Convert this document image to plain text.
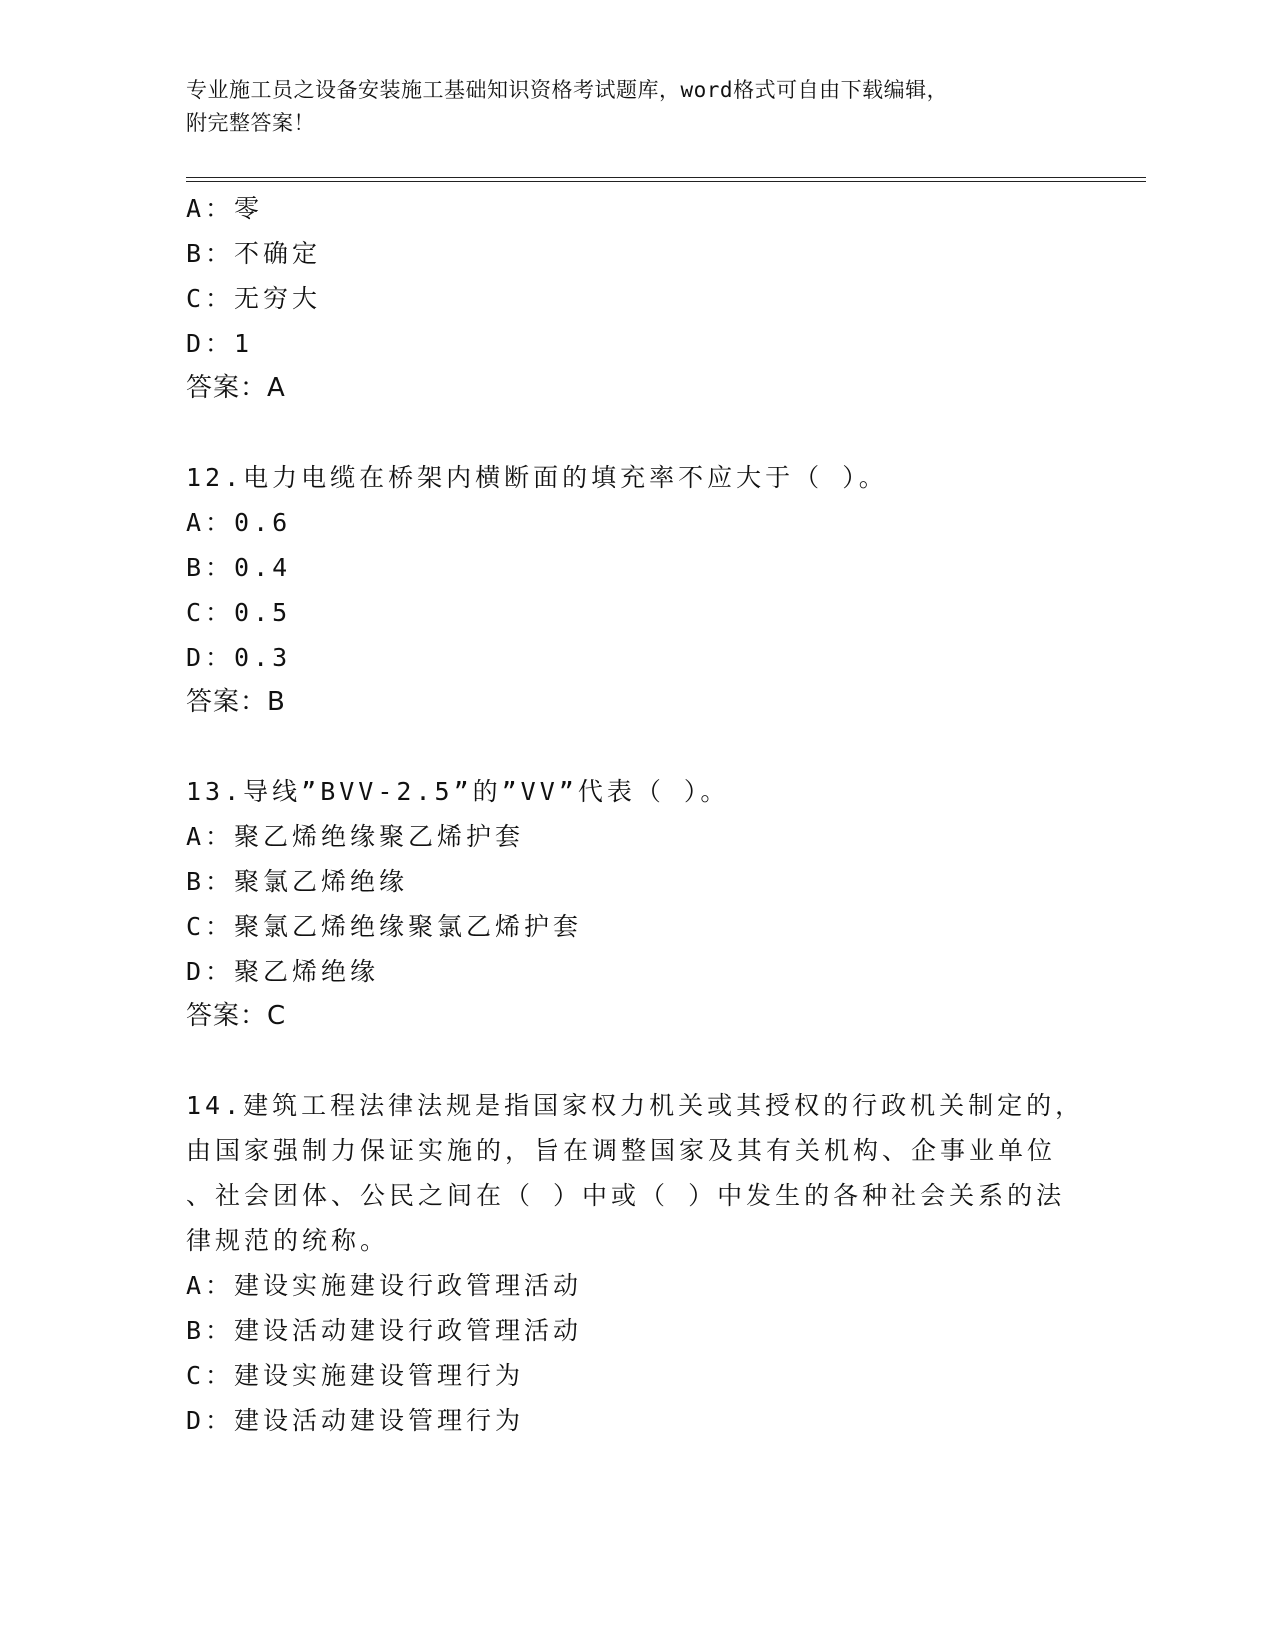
专业施工员之设备安装施工基础知识资格考试题库，word格式可自由下载编辑，
附完整答案！
A：零
B：不确定
C：无穷大
D：1
答案：A
12.电力电缆在桥架内横断面的填充率不应大于（ ）。
A：0.6
B：0.4
C：0.5
D：0.3
答案：B
13.导线”BVV-2.5”的”VV”代表（ ）。
A：聚乙烯绝缘聚乙烯护套
B：聚氯乙烯绝缘
C：聚氯乙烯绝缘聚氯乙烯护套
D：聚乙烯绝缘
答案：C
14.建筑工程法律法规是指国家权力机关或其授权的行政机关制定的，
由国家强制力保证实施的，旨在调整国家及其有关机构、企事业单位
、社会团体、公民之间在（ ）中或（ ）中发生的各种社会关系的法
律规范的统称。
A：建设实施建设行政管理活动
B：建设活动建设行政管理活动
C：建设实施建设管理行为
D：建设活动建设管理行为
